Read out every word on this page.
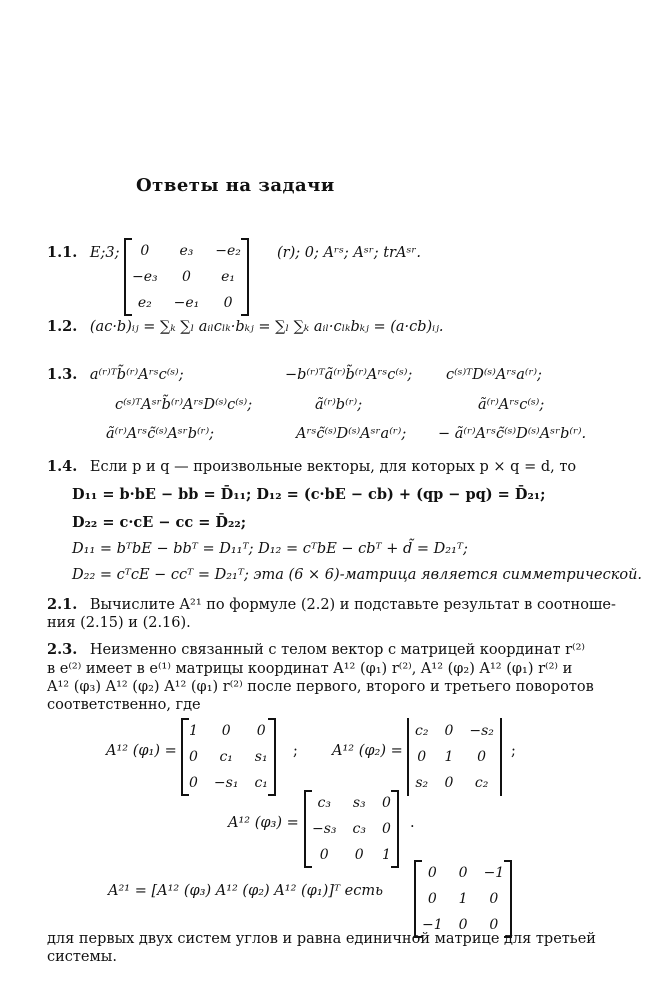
Ответы на задачи
1.1. E;3; 0	e₃	−e₂
−e₃	0	e₁
e₂	−e₁	0
(r); 0; Aʳˢ; Aˢʳ; trAˢʳ.
1.2. (ac·b)ᵢⱼ = ∑ₖ ∑ₗ aᵢₗcₗₖ·bₖⱼ = ∑ₗ ∑ₖ aᵢₗ·cₗₖbₖⱼ = (a·cb)ᵢⱼ.
1.3. a⁽ʳ⁾ᵀb̃⁽ʳ⁾Aʳˢc⁽ˢ⁾;	−b⁽ʳ⁾ᵀã⁽ʳ⁾b̃⁽ʳ⁾Aʳˢc⁽ˢ⁾; c⁽ˢ⁾ᵀD⁽ˢ⁾Aʳˢa⁽ʳ⁾;
c⁽ˢ⁾ᵀAˢʳb̃⁽ʳ⁾AʳˢD⁽ˢ⁾c⁽ˢ⁾;	ã⁽ʳ⁾b⁽ʳ⁾;	ã⁽ʳ⁾Aʳˢc⁽ˢ⁾;
ã⁽ʳ⁾Aʳˢc̃⁽ˢ⁾Aˢʳb⁽ʳ⁾;	Aʳˢc̃⁽ˢ⁾D⁽ˢ⁾Aˢʳa⁽ʳ⁾; − ã⁽ʳ⁾Aʳˢc̃⁽ˢ⁾D⁽ˢ⁾Aˢʳb⁽ʳ⁾.
1.4. Если p и q — произвольные векторы, для которых p × q = d, то
D₁₁ = b·bE − bb = D̄₁₁; D₁₂ = (c·bE − cb) + (qp − pq) = D̄₂₁;
D₂₂ = c·cE − cc = D̄₂₂;
D₁₁ = bᵀbE − bbᵀ = D₁₁ᵀ; D₁₂ = cᵀbE − cbᵀ + d̃ = D₂₁ᵀ;
D₂₂ = cᵀcE − ccᵀ = D₂₁ᵀ; эта (6 × 6)-матрица является симметрической.
2.1. Вычислите A²¹ по формуле (2.2) и подставьте результат в соотноше-
ния (2.15) и (2.16).
2.3. Неизменно связанный с телом вектор с матрицей координат r⁽²⁾
в e⁽²⁾ имеет в e⁽¹⁾ матрицы координат A¹² (φ₁) r⁽²⁾, A¹² (φ₂) A¹² (φ₁) r⁽²⁾ и
A¹² (φ₃) A¹² (φ₂) A¹² (φ₁) r⁽²⁾ после первого, второго и третьего поворотов
соответственно, где
A¹² (φ₁) =
1	0	0
0	c₁	s₁
0	−s₁	c₁
; A¹² (φ₂) =
c₂	0	−s₂
0	1	0
s₂	0	c₂
;
A¹² (φ₃) =
c₃	s₃	0
−s₃	c₃	0
0	0	1
.
A²¹ = [A¹² (φ₃) A¹² (φ₂) A¹² (φ₁)]ᵀ есть
0	0	−1
0	1	0
−1	0	0
для первых двух систем углов и равна единичной матрице для третьей
системы.
